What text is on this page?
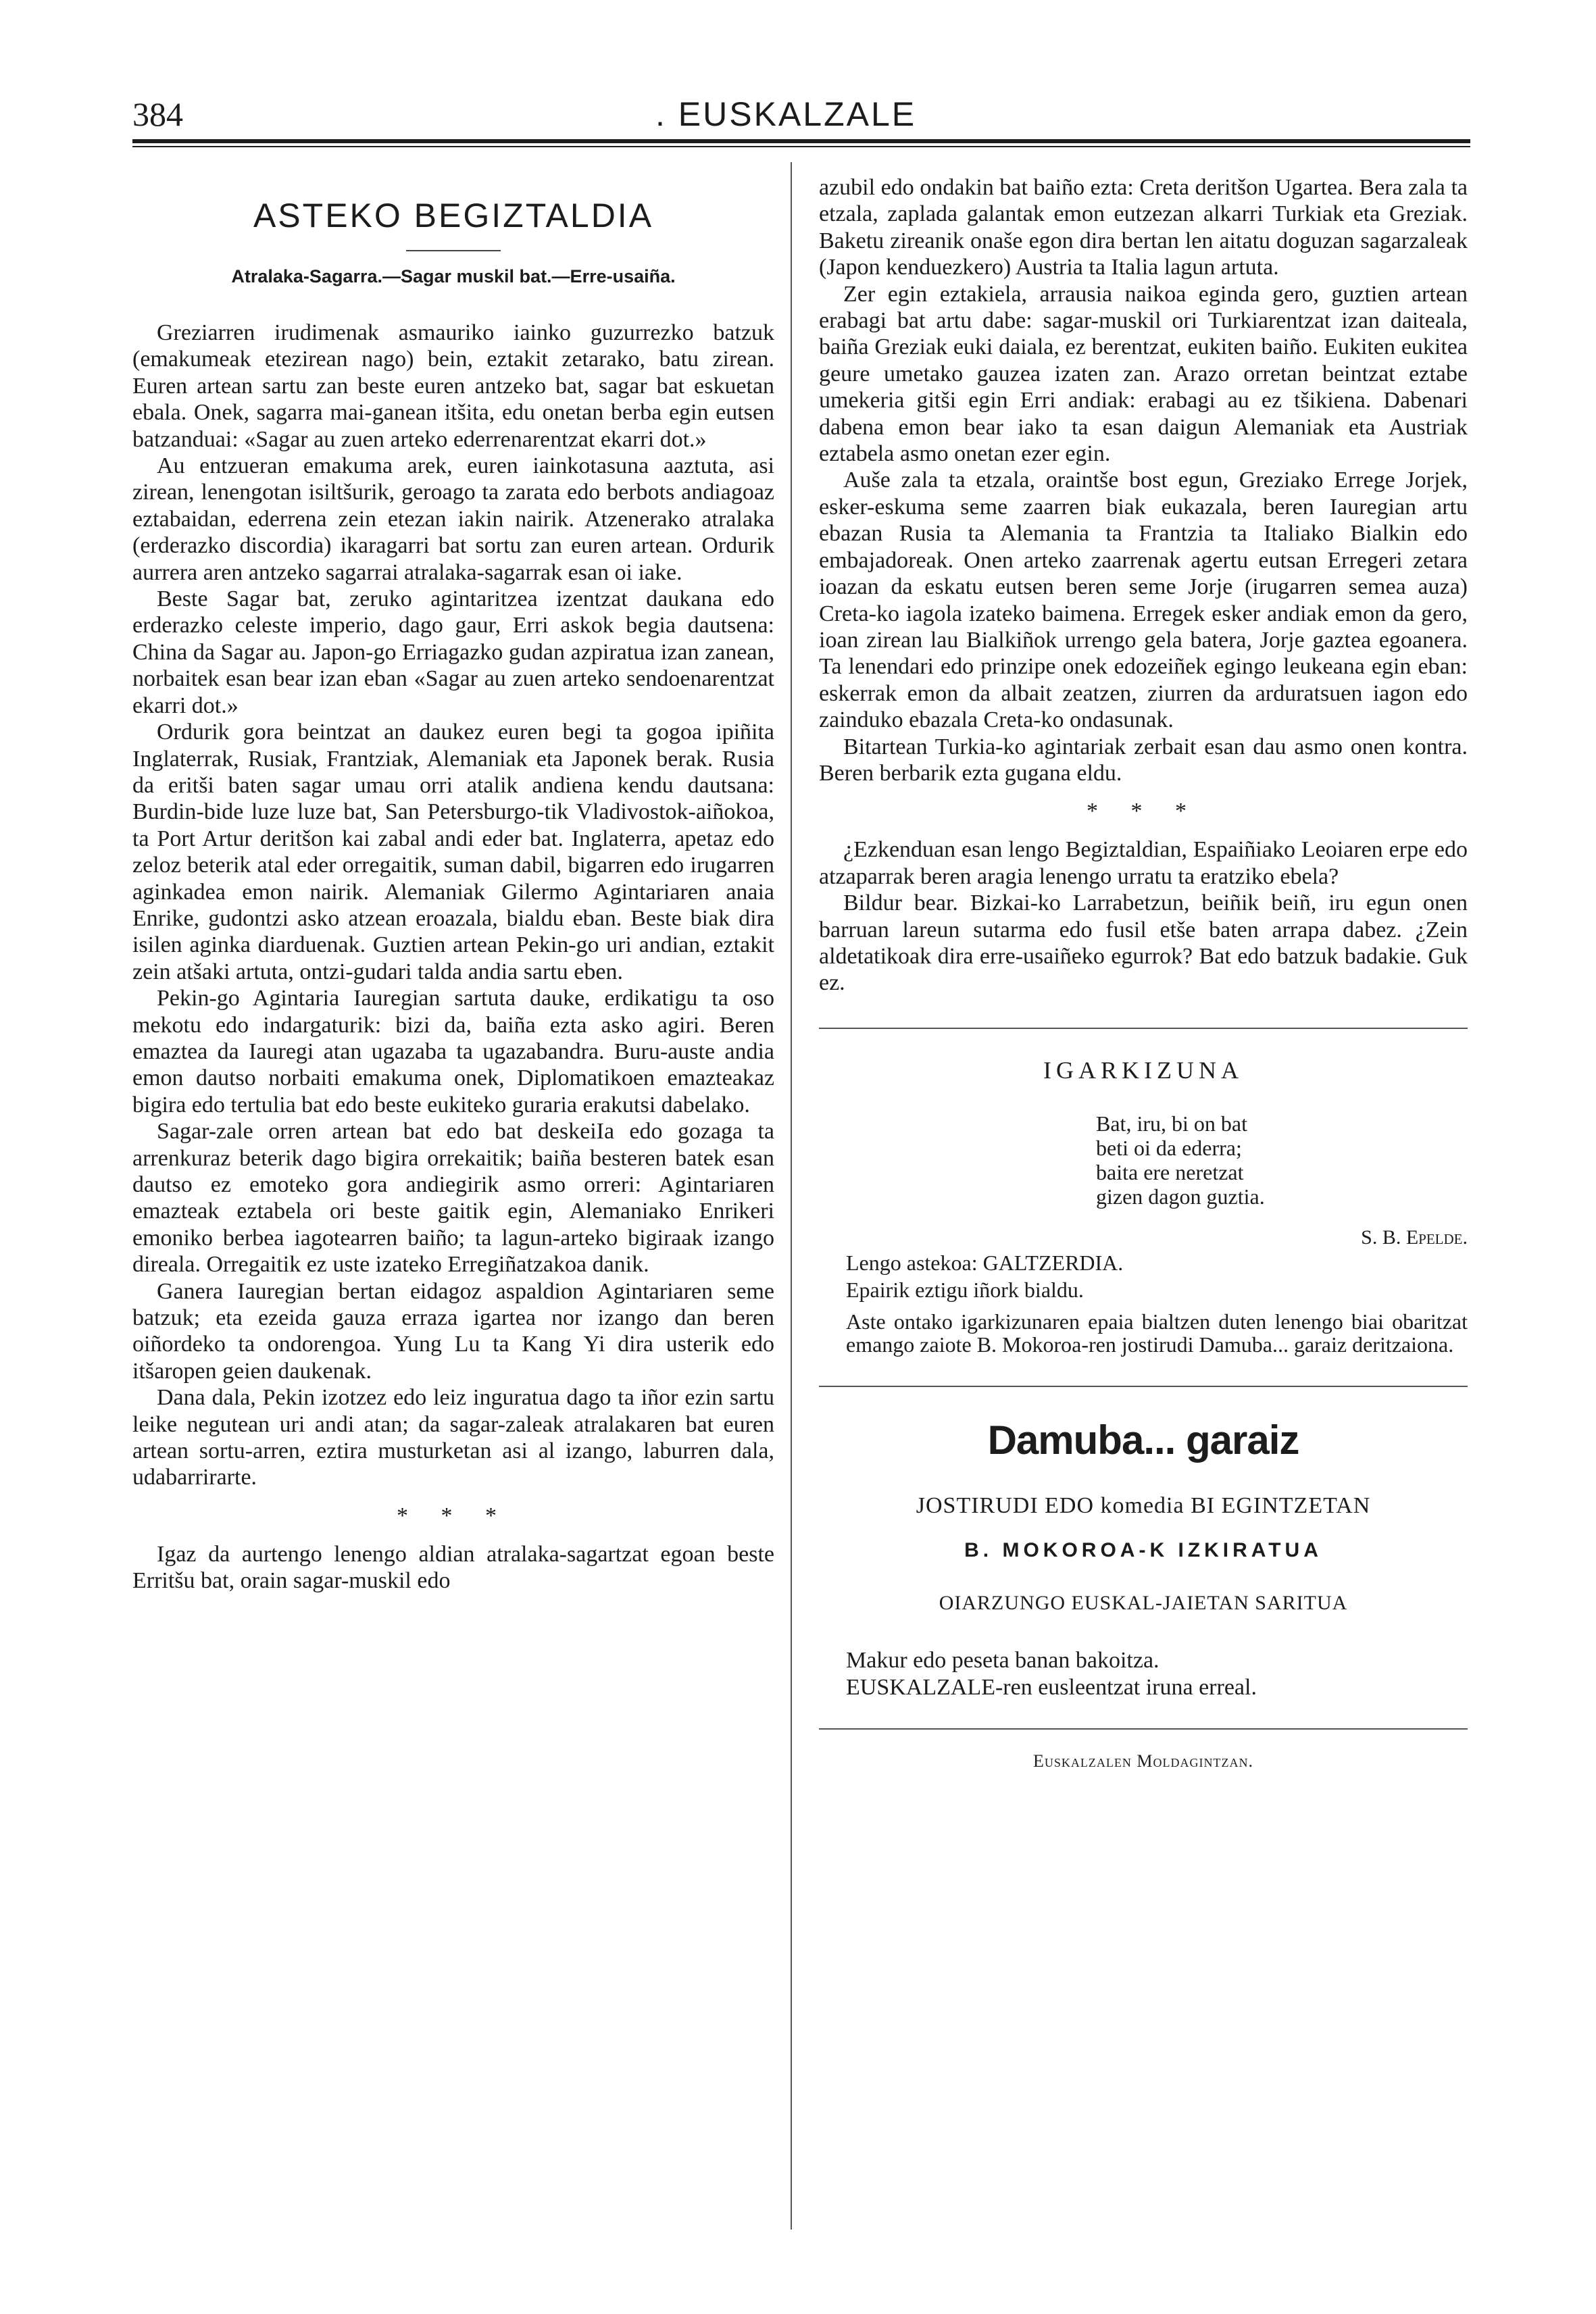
384	. EUSKALZALE
ASTEKO BEGIZTALDIA
Atralaka-Sagarra.—Sagar muskil bat.—Erre-usaiña.

Greziarren irudimenak asmauriko iainko guzurrezko batzuk (emakumeak etezirean nago) bein, eztakit zetarako, batu zirean. Euren artean sartu zan beste euren antzeko bat, sagar bat eskuetan ebala. Onek, sagarra mai-ganean itšita, edu onetan berba egin eutsen batzanduai: «Sagar au zuen arteko ederrenarentzat ekarri dot.»

Au entzueran emakuma arek, euren iainkotasuna aaztuta, asi zirean, lenengotan isiltšurik, geroago ta zarata edo berbots andiagoaz eztabaidan, ederrena zein etezan iakin nairik. Atzenerako atralaka (erderazko discordia) ikaragarri bat sortu zan euren artean. Ordurik aurrera aren antzeko sagarrai atralaka-sagarrak esan oi iake.

Beste Sagar bat, zeruko agintaritzea izentzat daukana edo erderazko celeste imperio, dago gaur, Erri askok begia dautsena: China da Sagar au. Japon-go Erriagazko gudan azpiratua izan zanean, norbaitek esan bear izan eban «Sagar au zuen arteko sendoenarentzat ekarri dot.»

Ordurik gora beintzat an daukez euren begi ta gogoa ipiñita Inglaterrak, Rusiak, Frantziak, Alemaniak eta Japonek berak. Rusia da eritši baten sagar umau orri atalik andiena kendu dautsana: Burdin-bide luze luze bat, San Petersburgo-tik Vladivostok-aiñokoa, ta Port Artur deritšon kai zabal andi eder bat. Inglaterra, apetaz edo zeloz beterik atal eder orregaitik, suman dabil, bigarren edo irugarren aginkadea emon nairik. Alemaniak Gilermo Agintariaren anaia Enrike, gudontzi asko atzean eroazala, bialdu eban. Beste biak dira isilen aginka diarduenak. Guztien artean Pekin-go uri andian, eztakit zein atšaki artuta, ontzi-gudari talda andia sartu eben.

Pekin-go Agintaria Iauregian sartuta dauke, erdikatigu ta oso mekotu edo indargaturik: bizi da, baiña ezta asko agiri. Beren emaztea da Iauregi atan ugazaba ta ugazabandra. Buru-auste andia emon dautso norbaiti emakuma onek, Diplomatikoen emazteakaz bigira edo tertulia bat edo beste eukiteko guraria erakutsi dabelako.

Sagar-zale orren artean bat edo bat deskeiIa edo gozaga ta arrenkuraz beterik dago bigira orrekaitik; baiña besteren batek esan dautso ez emoteko gora andiegirik asmo orreri: Agintariaren emazteak eztabela ori beste gaitik egin, Alemaniako Enrikeri emoniko berbea iagotearren baiño; ta lagun-arteko bigiraak izango direala. Orregaitik ez uste izateko Erregiñatzakoa danik.

Ganera Iauregian bertan eidagoz aspaldion Agintariaren seme batzuk; eta ezeida gauza erraza igartea nor izango dan beren oiñordeko ta ondorengoa. Yung Lu ta Kang Yi dira usterik edo itšaropen geien daukenak.

Dana dala, Pekin izotzez edo leiz inguratua dago ta iñor ezin sartu leike negutean uri andi atan; da sagar-zaleak atralakaren bat euren artean sortu-arren, eztira musturketan asi al izango, laburren dala, udabarrirarte.

* * *

Igaz da aurtengo lenengo aldian atralaka-sagartzat egoan beste Erritšu bat, orain sagar-muskil edo

azubil edo ondakin bat baiño ezta: Creta deritšon Ugartea. Bera zala ta etzala, zaplada galantak emon eutzezan alkarri Turkiak eta Greziak. Baketu zireanik onaše egon dira bertan len aitatu doguzan sagarzaleak (Japon kenduezkero) Austria ta Italia lagun artuta.

Zer egin eztakiela, arrausia naikoa eginda gero, guztien artean erabagi bat artu dabe: sagar-muskil ori Turkiarentzat izan daiteala, baiña Greziak euki daiala, ez berentzat, eukiten baiño. Eukiten eukitea geure umetako gauzea izaten zan. Arazo orretan beintzat eztabe umekeria gitši egin Erri andiak: erabagi au ez tšikiena. Dabenari dabena emon bear iako ta esan daigun Alemaniak eta Austriak eztabela asmo onetan ezer egin.

Auše zala ta etzala, oraintše bost egun, Greziako Errege Jorjek, esker-eskuma seme zaarren biak eukazala, beren Iauregian artu ebazan Rusia ta Alemania ta Frantzia ta Italiako Bialkin edo embajadoreak. Onen arteko zaarrenak agertu eutsan Erregeri zetara ioazan da eskatu eutsen beren seme Jorje (irugarren semea auza) Creta-ko iagola izateko baimena. Erregek esker andiak emon da gero, ioan zirean lau Bialkiñok urrengo gela batera, Jorje gaztea egoanera. Ta lenendari edo prinzipe onek edozeiñek egingo leukeana egin eban: eskerrak emon da albait zeatzen, ziurren da arduratsuen iagon edo zainduko ebazala Creta-ko ondasunak.

Bitartean Turkia-ko agintariak zerbait esan dau asmo onen kontra. Beren berbarik ezta gugana eldu.

* * *

¿Ezkenduan esan lengo Begiztaldian, Espaiñiako Leoiaren erpe edo atzaparrak beren aragia lenengo urratu ta eratziko ebela?

Bildur bear. Bizkai-ko Larrabetzun, beiñik beiñ, iru egun onen barruan lareun sutarma edo fusil etše baten arrapa dabez. ¿Zein aldetatikoak dira erre-usaiñeko egurrok? Bat edo batzuk badakie. Guk ez.

IGARKIZUNA
Bat, iru, bi on bat
beti oi da ederra;
baita ere neretzat
gizen dagon guztia.
S. B. Epelde.
Lengo astekoa: GALTZERDIA.
Epairik eztigu iñork bialdu.
Aste ontako igarkizunaren epaia bialtzen duten lenengo biai obaritzat emango zaiote B. Mokoroa-ren jostirudi Damuba... garaiz deritzaiona.
Damuba... garaiz
JOSTIRUDI EDO komedia BI EGINTZETAN
B. MOKOROA-K IZKIRATUA
OIARZUNGO EUSKAL-JAIETAN SARITUA
Makur edo peseta banan bakoitza.
EUSKALZALE-ren eusleentzat iruna erreal.
Euskalzalen Moldagintzan.
